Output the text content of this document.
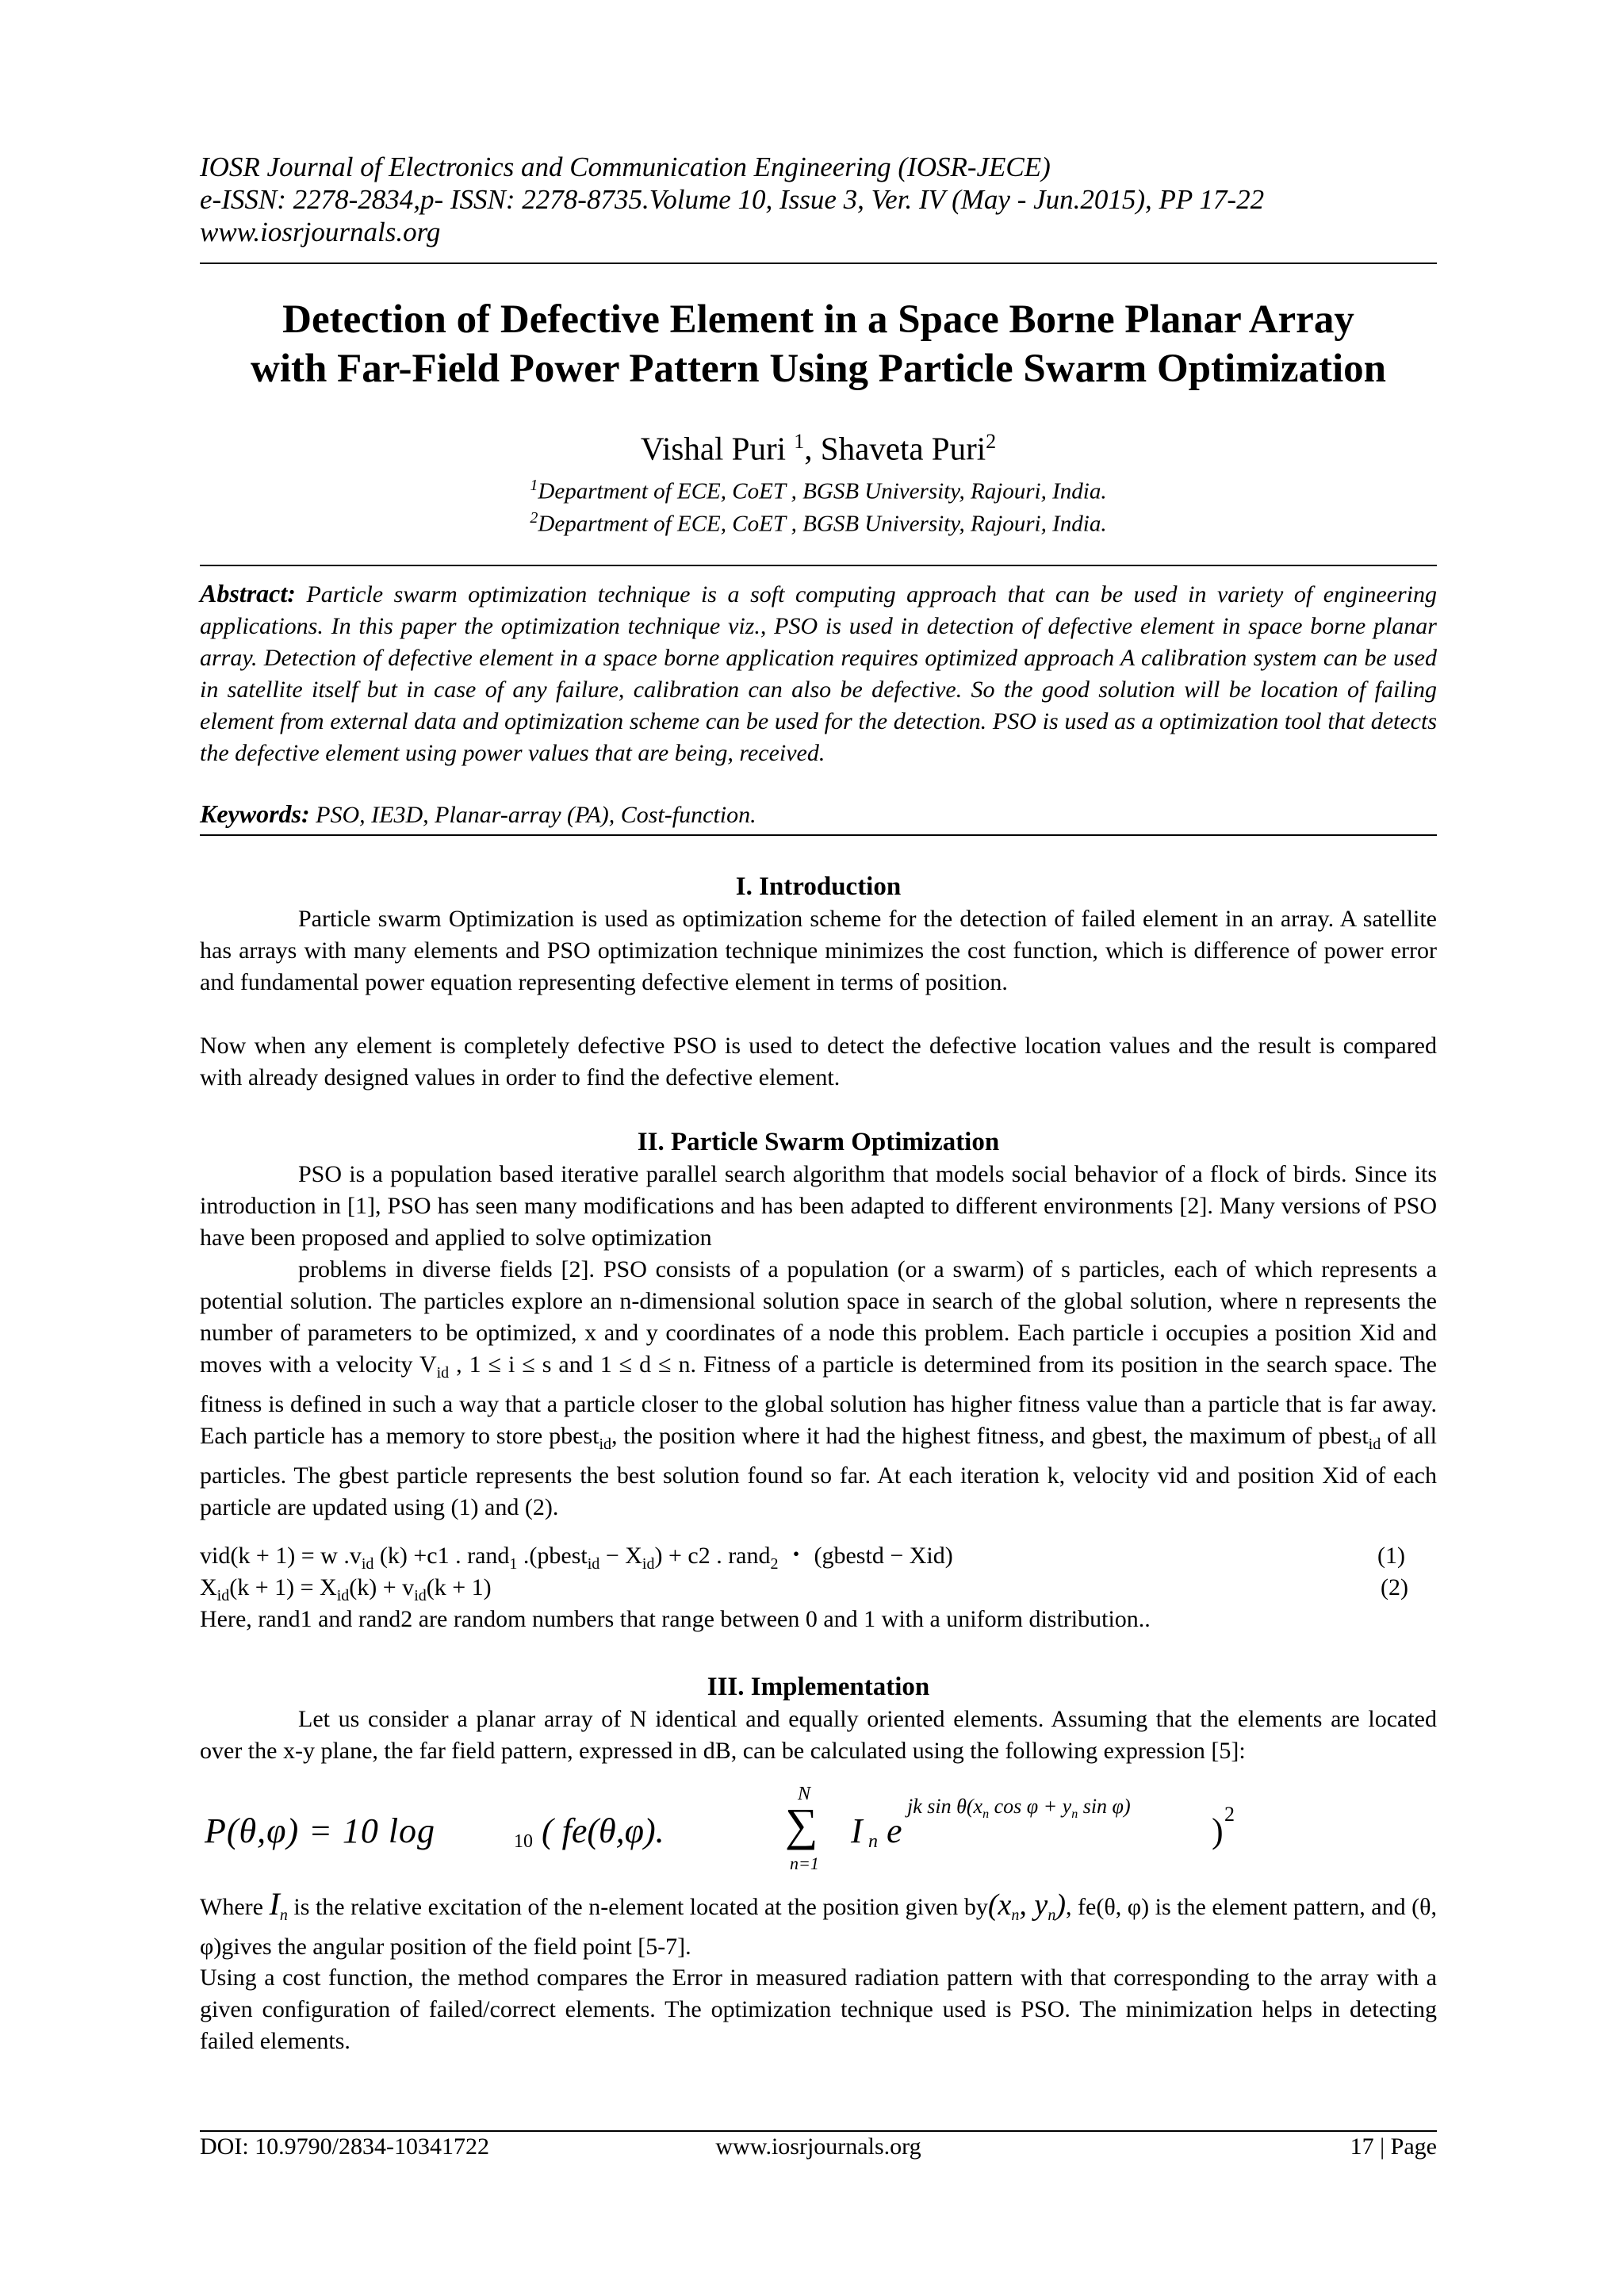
IOSR Journal of Electronics and Communication Engineering (IOSR-JECE)
e-ISSN: 2278-2834,p- ISSN: 2278-8735.Volume 10, Issue 3, Ver. IV (May - Jun.2015), PP 17-22
www.iosrjournals.org
Detection of Defective Element in a Space Borne Planar Array
with Far-Field Power Pattern Using Particle Swarm Optimization
Vishal Puri $^1$, Shaveta Puri$^2$
$^1$Department of ECE, CoET , BGSB University, Rajouri, India.
$^2$Department of ECE, CoET , BGSB University, Rajouri, India.
Abstract: Particle swarm optimization technique is a soft computing approach that can be used in variety of engineering applications. In this paper the optimization technique viz., PSO is used in detection of defective element in space borne planar array. Detection of defective element in a space borne application requires optimized approach A calibration system can be used in satellite itself but in case of any failure, calibration can also be defective. So the good solution will be location of failing element from external data and optimization scheme can be used for the detection. PSO is used as a optimization tool that detects the defective element using power values that are being, received.
Keywords: PSO, IE3D, Planar-array (PA), Cost-function.
I. Introduction
Particle swarm Optimization is used as optimization scheme for the detection of failed element in an array. A satellite has arrays with many elements and PSO optimization technique minimizes the cost function, which is difference of power error and fundamental power equation representing defective element in terms of position.
Now when any element is completely defective PSO is used to detect the defective location values and the result is compared with already designed values in order to find the defective element.
II. Particle Swarm Optimization
PSO is a population based iterative parallel search algorithm that models social behavior of a flock of birds. Since its introduction in [1], PSO has seen many modifications and has been adapted to different environments [2]. Many versions of PSO have been proposed and applied to solve optimization
problems in diverse fields [2]. PSO consists of a population (or a swarm) of s particles, each of which represents a potential solution. The particles explore an n-dimensional solution space in search of the global solution, where n represents the number of parameters to be optimized, x and y coordinates of a node this problem. Each particle i occupies a position Xid and moves with a velocity $V_{id}$ , 1 ≤ i ≤ s and 1 ≤ d ≤ n. Fitness of a particle is determined from its position in the search space. The fitness is defined in such a way that a particle closer to the global solution has higher fitness value than a particle that is far away. Each particle has a memory to store pbest$_{id}$, the position where it had the highest fitness, and gbest, the maximum of pbest$_{id}$ of all particles. The gbest particle represents the best solution found so far. At each iteration k, velocity vid and position Xid of each particle are updated using (1) and (2).
vid(k + 1) = w $.v_{id}$ (k) +c1 . rand$_1$ .(pbest$_{id}$ − $X_{id}) + c2$ . rand$_2$ ・ (gbestd − Xid)	(1)
$X_{id}(k + 1) = X_{id}(k) + v_{id}(k + 1)$	(2)
Here, rand1 and rand2 are random numbers that range between 0 and 1 with a uniform distribution..
III. Implementation
Let us consider a planar array of N identical and equally oriented elements. Assuming that the elements are located over the x-y plane, the far field pattern, expressed in dB, can be calculated using the following expression [5]:
P(θ,φ) = 10 log	10 ( fe(θ,φ).
N
∑
n=1
I n e
jk $\sin \theta(x_n$ $\cos \varphi + y_n$ sin φ)
) 2
Where $I_n$ is the relative excitation of the n-element located at the position given $by(x_n$, $y_n$), fe(θ, φ) is the element pattern, and (θ, φ)gives the angular position of the field point [5-7].
Using a cost function, the method compares the Error in measured radiation pattern with that corresponding to the array with a given configuration of failed/correct elements. The optimization technique used is PSO. The minimization helps in detecting failed elements.
DOI: 10.9790/2834-10341722	www.iosrjournals.org	17 | Page
